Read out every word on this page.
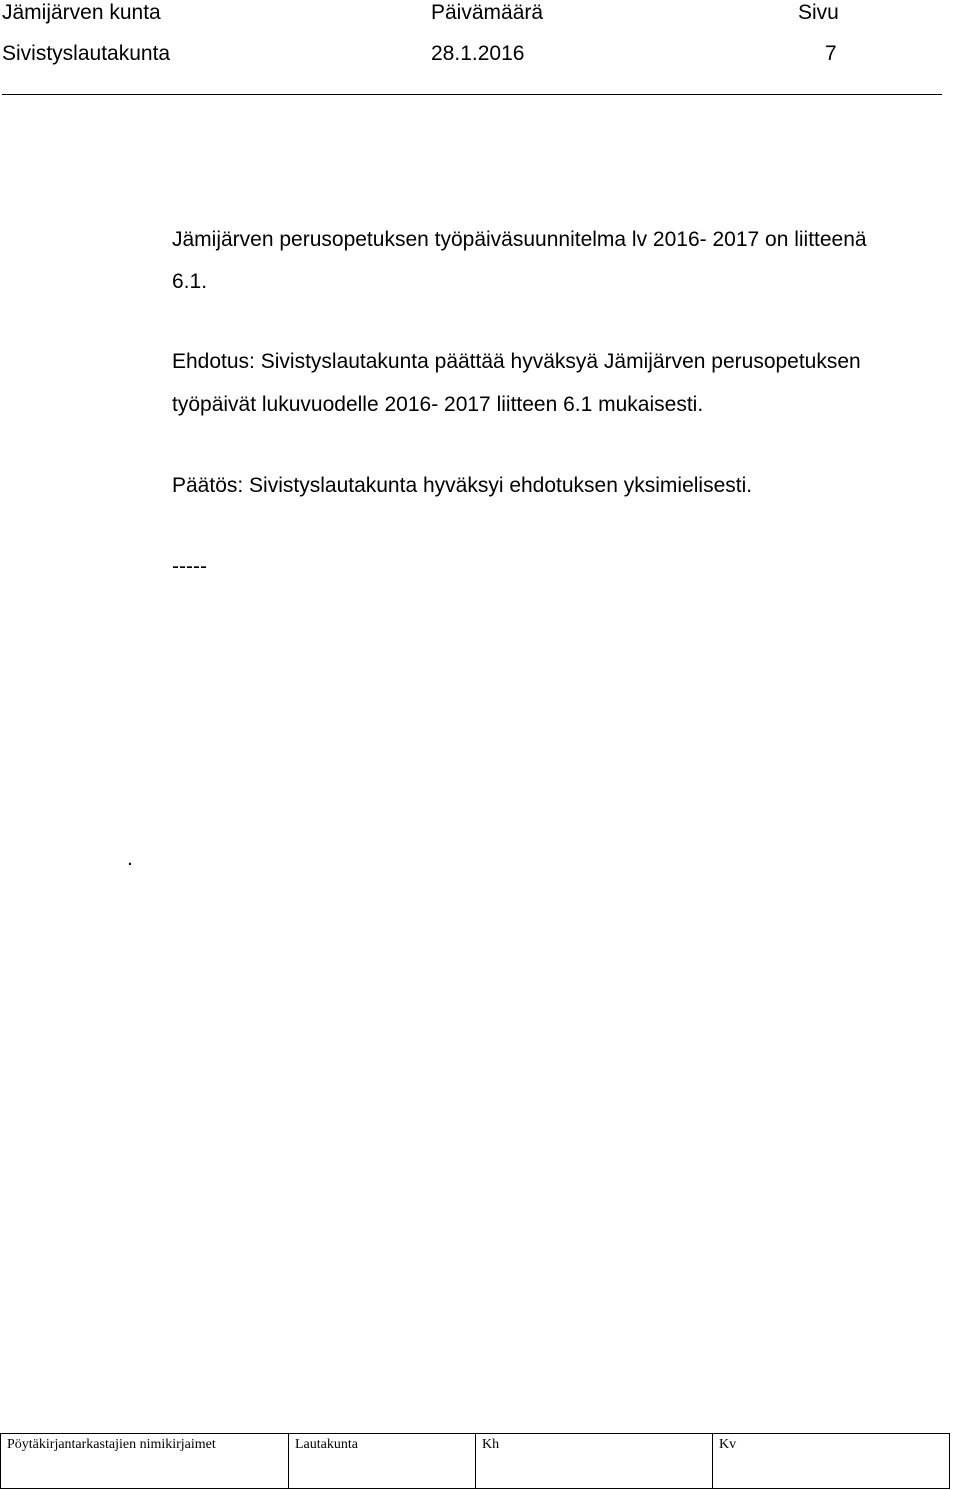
Jämijärven kunta
Sivistyslautakunta
Päivämäärä
28.1.2016
Sivu
7
Jämijärven perusopetuksen työpäiväsuunnitelma lv 2016- 2017 on liitteenä
6.1.
Ehdotus: Sivistyslautakunta päättää hyväksyä Jämijärven perusopetuksen
työpäivät lukuvuodelle 2016- 2017 liitteen 6.1 mukaisesti.
Päätös: Sivistyslautakunta hyväksyi ehdotuksen yksimielisesti.
-----
.
Pöytäkirjantarkastajien nimikirjaimet	Lautakunta	Kh	Kv
